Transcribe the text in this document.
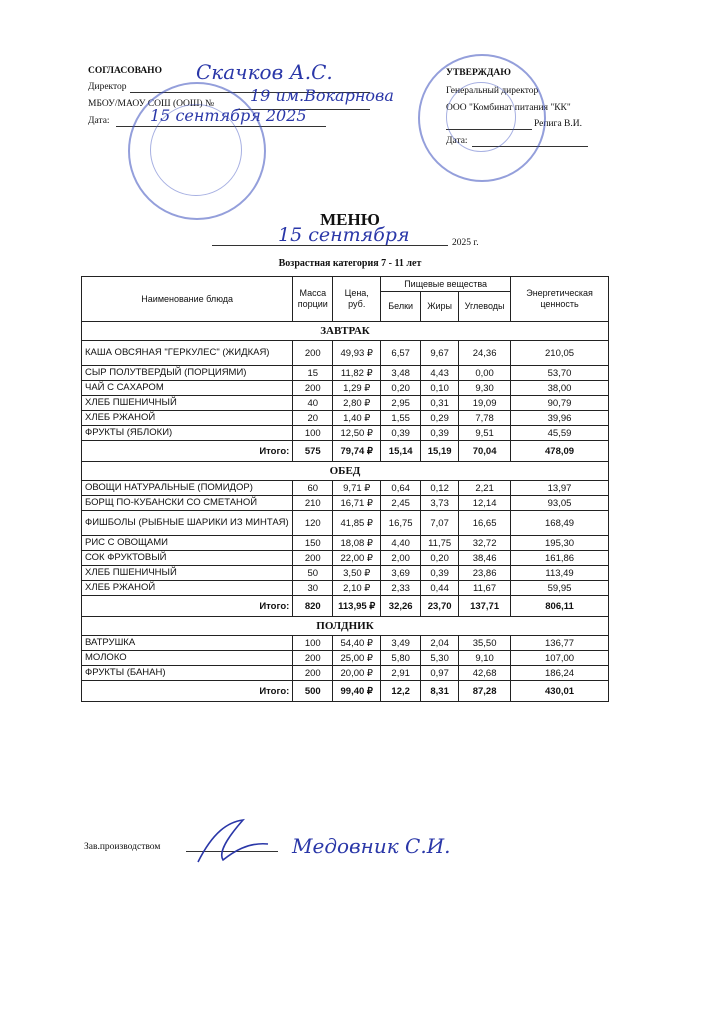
СОГЛАСОВАНО
Директор
МБОУ/МАОУ СОШ (ООШ) №
Дата:
Скачков А.С.
19 им.Вокарнова
15 сентября 2025
УТВЕРЖДАЮ
Генеральный директор
ООО "Комбинат питания "КК"
Репига В.И.
Дата:
МЕНЮ
15 сентября	2025 г.
Возрастная категория 7 - 11 лет
Наименование блюда	Масса порции	Цена, руб.	Пищевые вещества			Энергетическая ценность
			Белки	Жиры	Углеводы	
ЗАВТРАК						
КАША ОВСЯНАЯ "ГЕРКУЛЕС" (ЖИДКАЯ)	200	49,93 ₽	6,57	9,67	24,36	210,05
СЫР ПОЛУТВЕРДЫЙ (ПОРЦИЯМИ)	15	11,82 ₽	3,48	4,43	0,00	53,70
ЧАЙ С САХАРОМ	200	1,29 ₽	0,20	0,10	9,30	38,00
ХЛЕБ ПШЕНИЧНЫЙ	40	2,80 ₽	2,95	0,31	19,09	90,79
ХЛЕБ РЖАНОЙ	20	1,40 ₽	1,55	0,29	7,78	39,96
ФРУКТЫ (ЯБЛОКИ)	100	12,50 ₽	0,39	0,39	9,51	45,59
Итого:	575	79,74 ₽	15,14	15,19	70,04	478,09
ОБЕД						
ОВОЩИ НАТУРАЛЬНЫЕ (ПОМИДОР)	60	9,71 ₽	0,64	0,12	2,21	13,97
БОРЩ ПО-КУБАНСКИ СО СМЕТАНОЙ	210	16,71 ₽	2,45	3,73	12,14	93,05
ФИШБОЛЫ (РЫБНЫЕ ШАРИКИ ИЗ МИНТАЯ)	120	41,85 ₽	16,75	7,07	16,65	168,49
РИС С ОВОЩАМИ	150	18,08 ₽	4,40	11,75	32,72	195,30
СОК ФРУКТОВЫЙ	200	22,00 ₽	2,00	0,20	38,46	161,86
ХЛЕБ ПШЕНИЧНЫЙ	50	3,50 ₽	3,69	0,39	23,86	113,49
ХЛЕБ РЖАНОЙ	30	2,10 ₽	2,33	0,44	11,67	59,95
Итого:	820	113,95 ₽	32,26	23,70	137,71	806,11
ПОЛДНИК						
ВАТРУШКА	100	54,40 ₽	3,49	2,04	35,50	136,77
МОЛОКО	200	25,00 ₽	5,80	5,30	9,10	107,00
ФРУКТЫ (БАНАН)	200	20,00 ₽	2,91	0,97	42,68	186,24
Итого:	500	99,40 ₽	12,2	8,31	87,28	430,01
Зав.производством	Медовник С.И.
